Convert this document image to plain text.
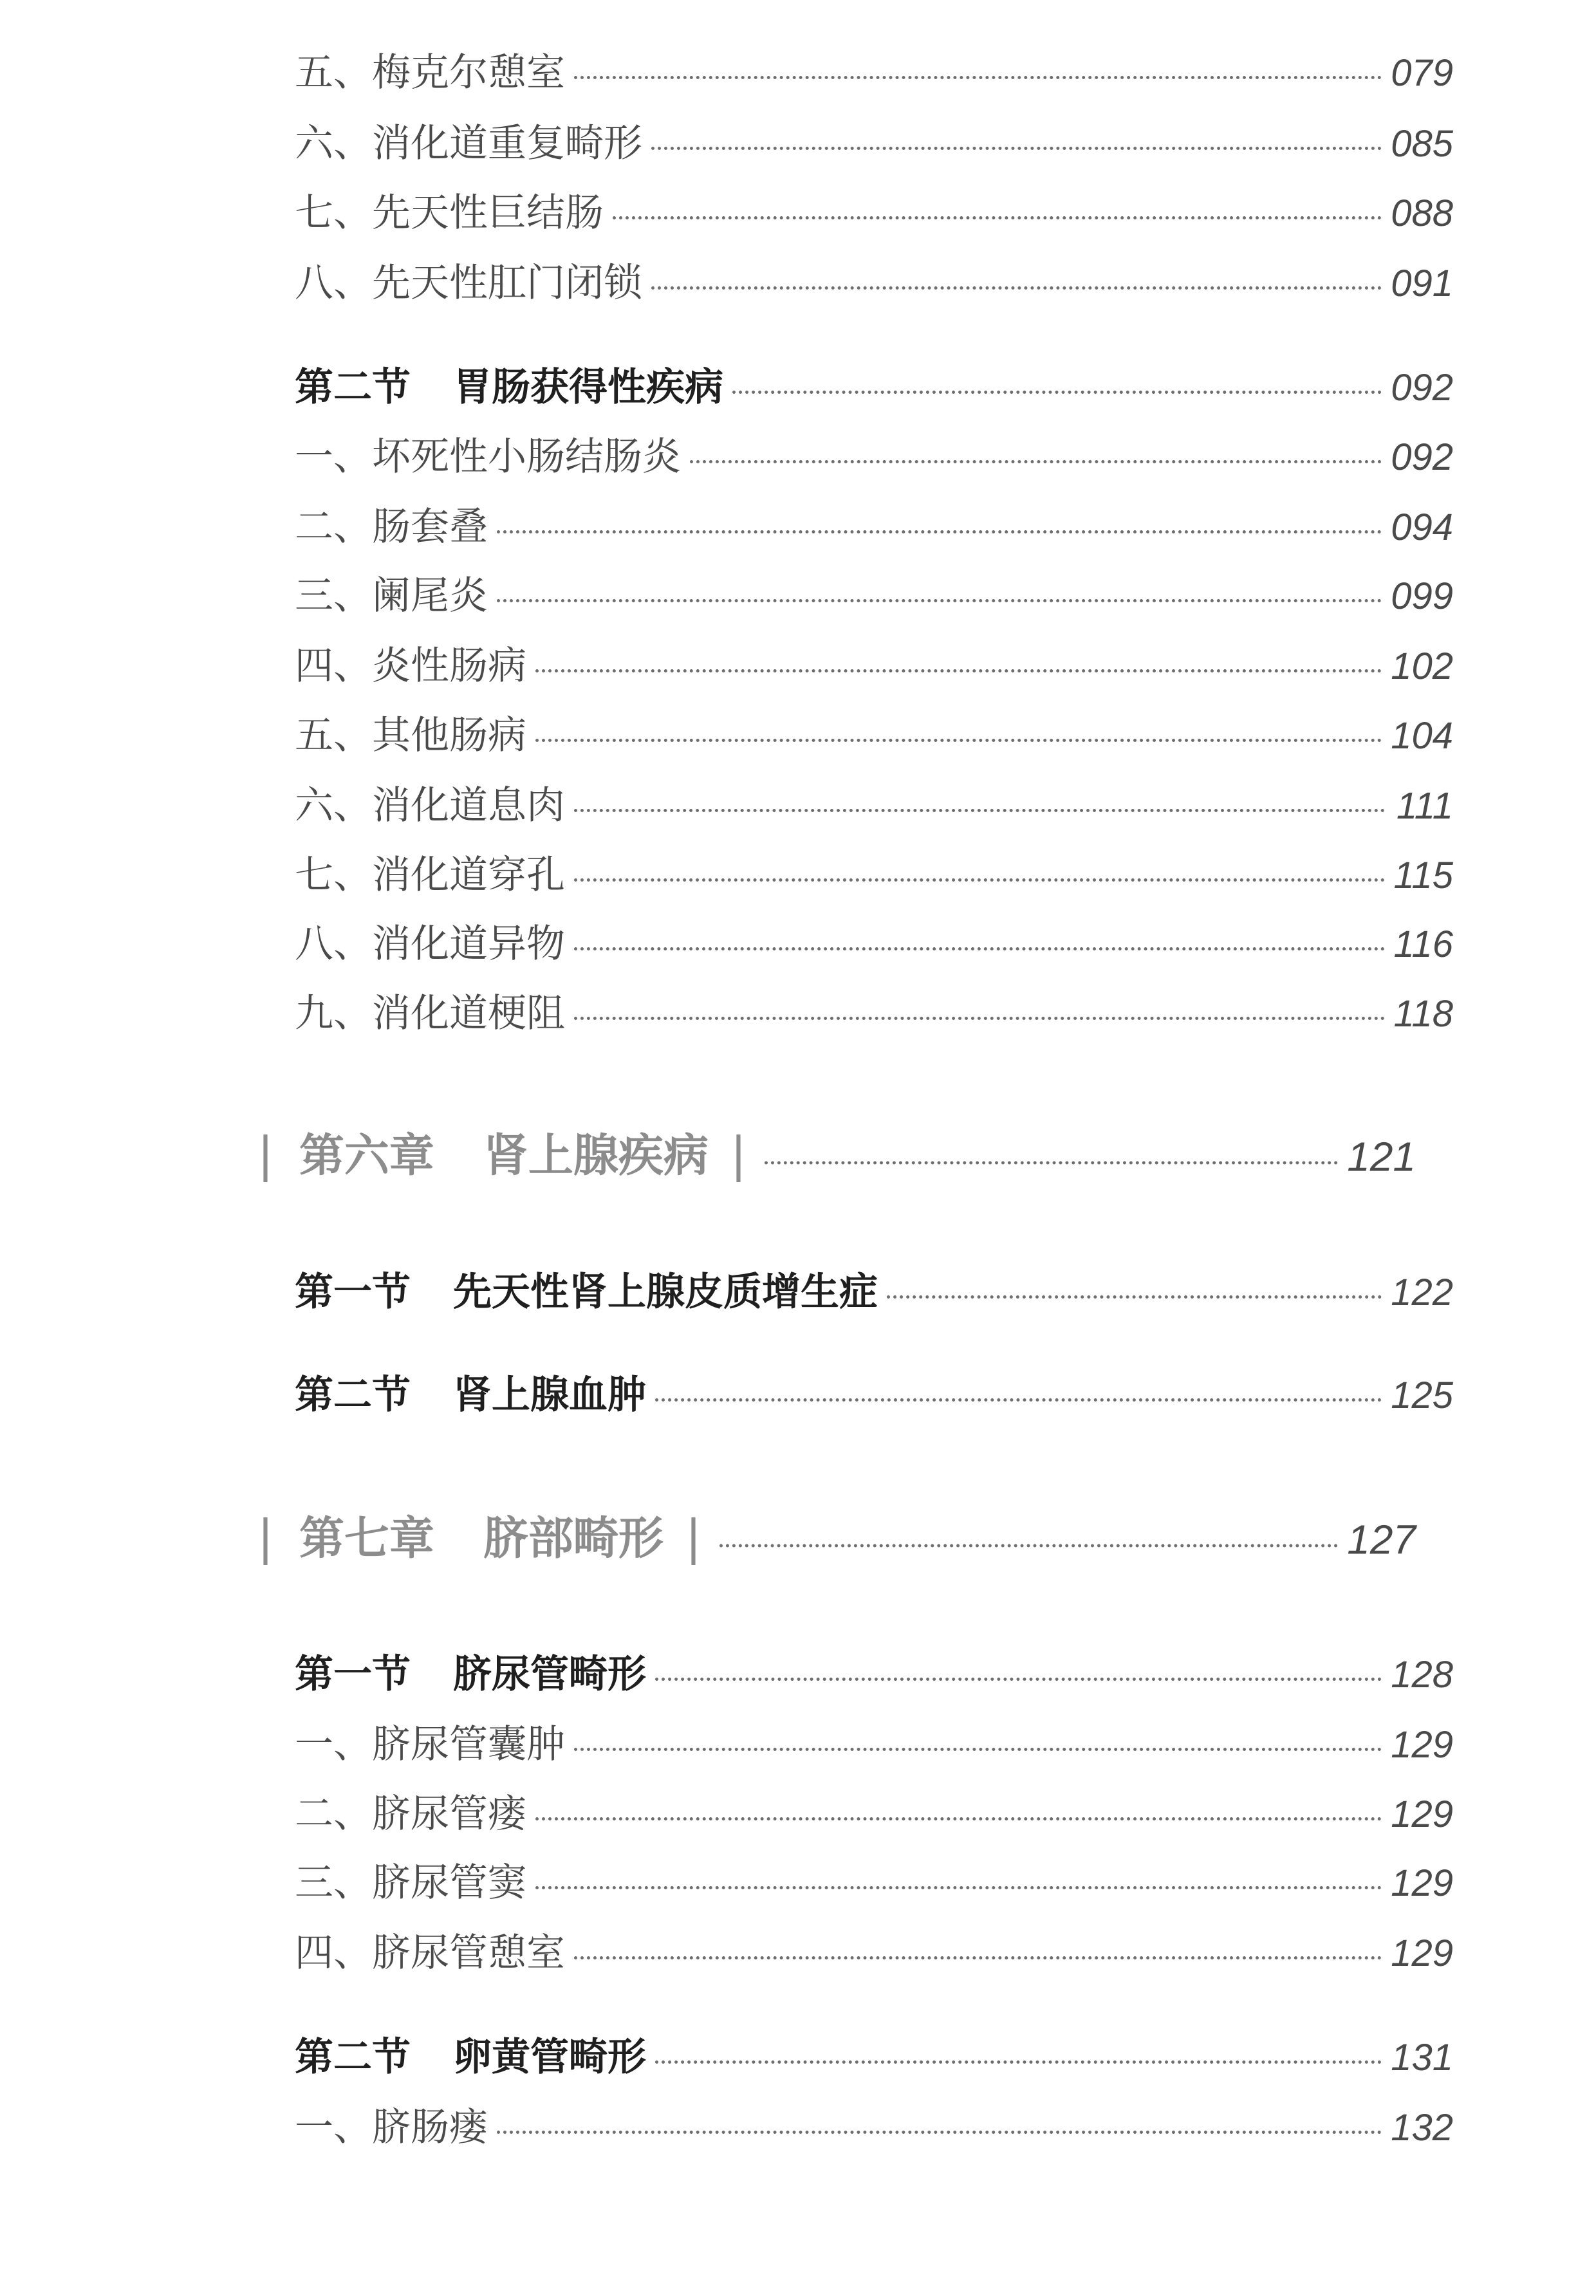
五、梅克尔憩室	079
六、消化道重复畸形	085
七、先天性巨结肠	088
八、先天性肛门闭锁	091
第二节 胃肠获得性疾病	092
一、坏死性小肠结肠炎	092
二、肠套叠	094
三、阑尾炎	099
四、炎性肠病	102
五、其他肠病	104
六、消化道息肉	111
七、消化道穿孔	115
八、消化道异物	116
九、消化道梗阻	118
| 第六章 肾上腺疾病 |	121
第一节 先天性肾上腺皮质增生症	122
第二节 肾上腺血肿	125
| 第七章 脐部畸形 |	127
第一节 脐尿管畸形	128
一、脐尿管囊肿	129
二、脐尿管瘘	129
三、脐尿管窦	129
四、脐尿管憩室	129
第二节 卵黄管畸形	131
一、脐肠瘘	132
